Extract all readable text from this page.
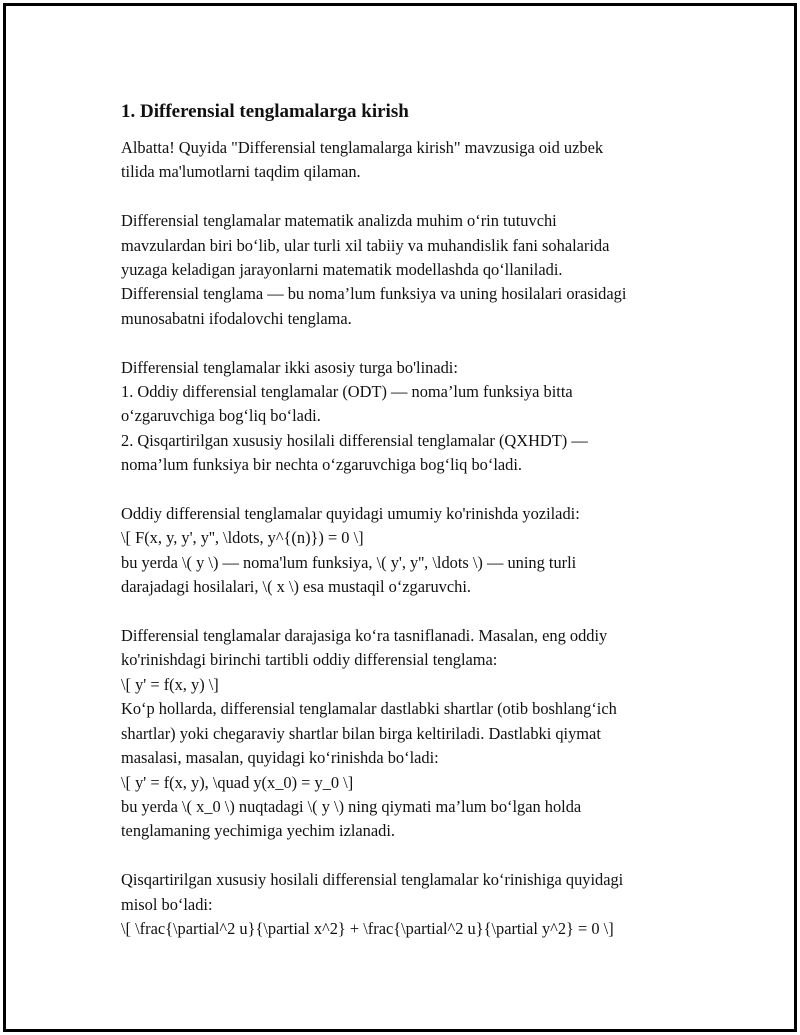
1. Differensial tenglamalarga kirish
Albatta! Quyida "Differensial tenglamalarga kirish" mavzusiga oid uzbek
tilida ma'lumotlarni taqdim qilaman.
Differensial tenglamalar matematik analizda muhim o‘rin tutuvchi
mavzulardan biri bo‘lib, ular turli xil tabiiy va muhandislik fani sohalarida
yuzaga keladigan jarayonlarni matematik modellashda qo‘llaniladi.
Differensial tenglama — bu noma’lum funksiya va uning hosilalari orasidagi
munosabatni ifodalovchi tenglama.
Differensial tenglamalar ikki asosiy turga bo'linadi:
1. Oddiy differensial tenglamalar (ODT) — noma’lum funksiya bitta
o‘zgaruvchiga bog‘liq bo‘ladi.
2. Qisqartirilgan xususiy hosilali differensial tenglamalar (QXHDT) —
noma’lum funksiya bir nechta o‘zgaruvchiga bog‘liq bo‘ladi.
Oddiy differensial tenglamalar quyidagi umumiy ko'rinishda yoziladi:
\[ F(x, y, y', y'', \ldots, y^{(n)}) = 0 \]
bu yerda \( y \) — noma'lum funksiya, \( y', y'', \ldots \) — uning turli
darajadagi hosilalari, \( x \) esa mustaqil o‘zgaruvchi.
Differensial tenglamalar darajasiga ko‘ra tasniflanadi. Masalan, eng oddiy
ko'rinishdagi birinchi tartibli oddiy differensial tenglama:
\[ y' = f(x, y) \]
Ko‘p hollarda, differensial tenglamalar dastlabki shartlar (otib boshlang‘ich
shartlar) yoki chegaraviy shartlar bilan birga keltiriladi. Dastlabki qiymat
masalasi, masalan, quyidagi ko‘rinishda bo‘ladi:
\[ y' = f(x, y), \quad y(x_0) = y_0 \]
bu yerda \( x_0 \) nuqtadagi \( y \) ning qiymati ma’lum bo‘lgan holda
tenglamaning yechimiga yechim izlanadi.
Qisqartirilgan xususiy hosilali differensial tenglamalar ko‘rinishiga quyidagi
misol bo‘ladi:
\[ \frac{\partial^2 u}{\partial x^2} + \frac{\partial^2 u}{\partial y^2} = 0 \]
